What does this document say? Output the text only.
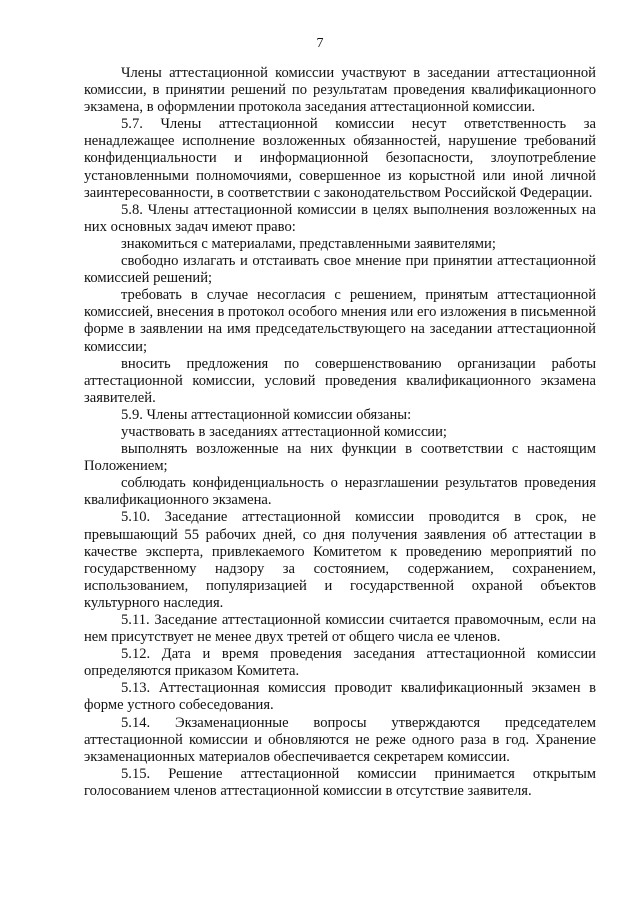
7

Члены аттестационной комиссии участвуют в заседании аттестационной комиссии, в принятии решений по результатам проведения квалификационного экзамена, в оформлении протокола заседания аттестационной комиссии.

5.7. Члены аттестационной комиссии несут ответственность за ненадлежащее исполнение возложенных обязанностей, нарушение требований конфиденциальности и информационной безопасности, злоупотребление установленными полномочиями, совершенное из корыстной или иной личной заинтересованности, в соответствии с законодательством Российской Федерации.

5.8. Члены аттестационной комиссии в целях выполнения возложенных на них основных задач имеют право:

знакомиться с материалами, представленными заявителями;

свободно излагать и отстаивать свое мнение при принятии аттестационной комиссией решений;

требовать в случае несогласия с решением, принятым аттестационной комиссией, внесения в протокол особого мнения или его изложения в письменной форме в заявлении на имя председательствующего на заседании аттестационной комиссии;

вносить предложения по совершенствованию организации работы аттестационной комиссии, условий проведения квалификационного экзамена заявителей.

5.9. Члены аттестационной комиссии обязаны:

участвовать в заседаниях аттестационной комиссии;

выполнять возложенные на них функции в соответствии с настоящим Положением;

соблюдать конфиденциальность о неразглашении результатов проведения квалификационного экзамена.

5.10. Заседание аттестационной комиссии проводится в срок, не превышающий 55 рабочих дней, со дня получения заявления об аттестации в качестве эксперта, привлекаемого Комитетом к проведению мероприятий по государственному надзору за состоянием, содержанием, сохранением, использованием, популяризацией и государственной охраной объектов культурного наследия.

5.11. Заседание аттестационной комиссии считается правомочным, если на нем присутствует не менее двух третей от общего числа ее членов.

5.12. Дата и время проведения заседания аттестационной комиссии определяются приказом Комитета.

5.13. Аттестационная комиссия проводит квалификационный экзамен в форме устного собеседования.

5.14. Экзаменационные вопросы утверждаются председателем аттестационной комиссии и обновляются не реже одного раза в год. Хранение экзаменационных материалов обеспечивается секретарем комиссии.

5.15. Решение аттестационной комиссии принимается открытым голосованием членов аттестационной комиссии в отсутствие заявителя.
